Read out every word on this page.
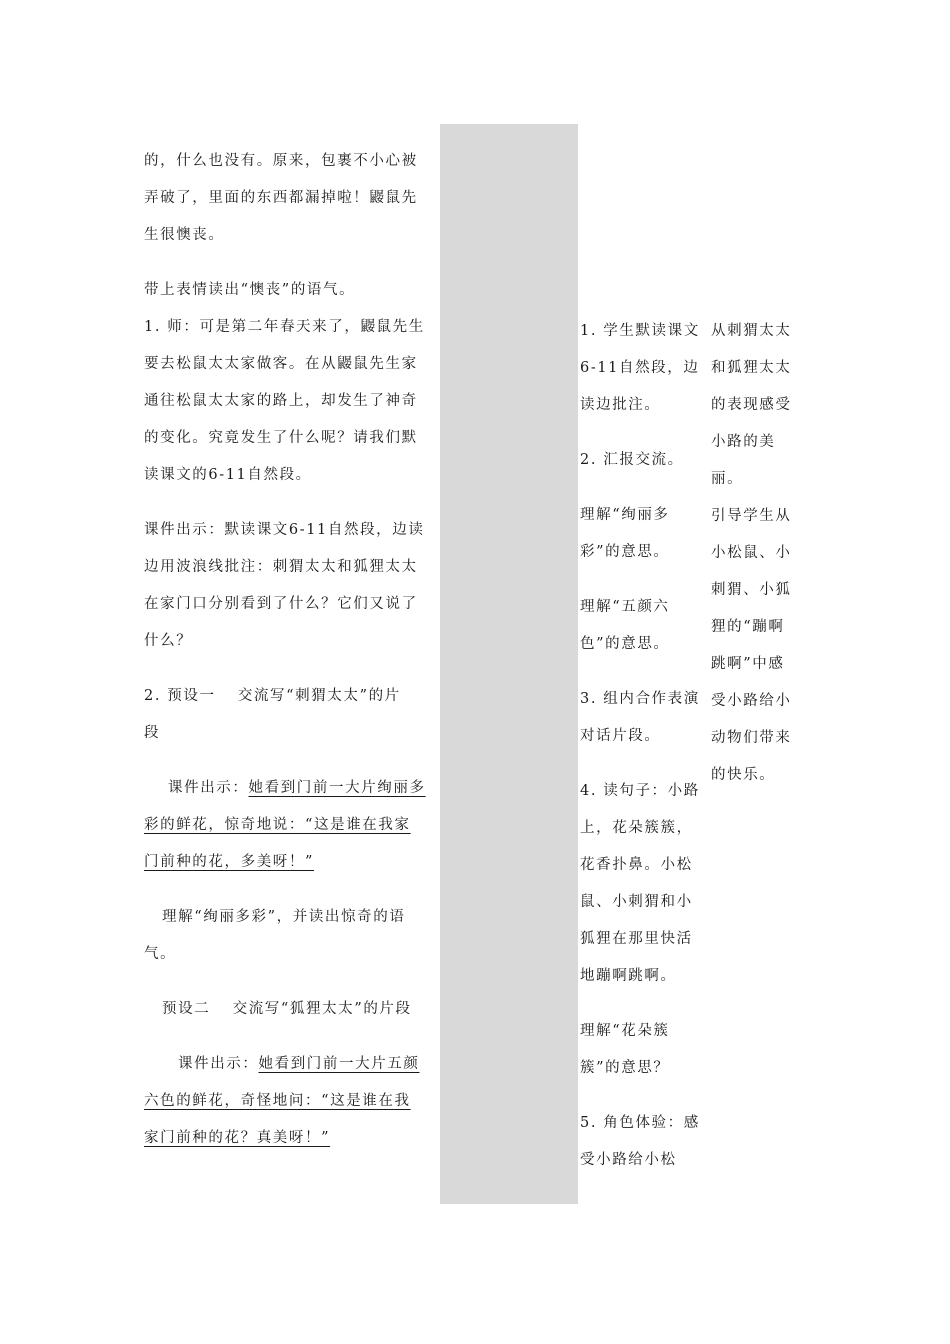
的，什么也没有。原来，包裹不小心被

弄破了，里面的东西都漏掉啦！鼹鼠先

生很懊丧。

带上表情读出“懊丧”的语气。

1. 师：可是第二年春天来了，鼹鼠先生

要去松鼠太太家做客。在从鼹鼠先生家

通往松鼠太太家的路上，却发生了神奇

的变化。究竟发生了什么呢？请我们默

读课文的6-11自然段。

课件出示：默读课文6-11自然段，边读

边用波浪线批注：刺猬太太和狐狸太太

在家门口分别看到了什么？它们又说了

什么？

2. 预设一　 交流写“刺猬太太”的片

段

课件出示：她看到门前一大片绚丽多

彩的鲜花，惊奇地说：“这是谁在我家

门前种的花，多美呀！”

理解“绚丽多彩”，并读出惊奇的语

气。

预设二　 交流写“狐狸太太”的片段

课件出示：她看到门前一大片五颜

六色的鲜花，奇怪地问：“这是谁在我

家门前种的花？真美呀！”

1. 学生默读课文

6-11自然段，边

读边批注。

2. 汇报交流。

理解“绚丽多

彩”的意思。

理解“五颜六

色”的意思。

3. 组内合作表演

对话片段。

4. 读句子：小路

上，花朵簇簇，

花香扑鼻。小松

鼠、小刺猬和小

狐狸在那里快活

地蹦啊跳啊。

理解“花朵簇

簇”的意思？

5. 角色体验：感

受小路给小松

从刺猬太太

和狐狸太太

的表现感受

小路的美

丽。

引导学生从

小松鼠、小

刺猬、小狐

狸的“蹦啊

跳啊”中感

受小路给小

动物们带来

的快乐。
